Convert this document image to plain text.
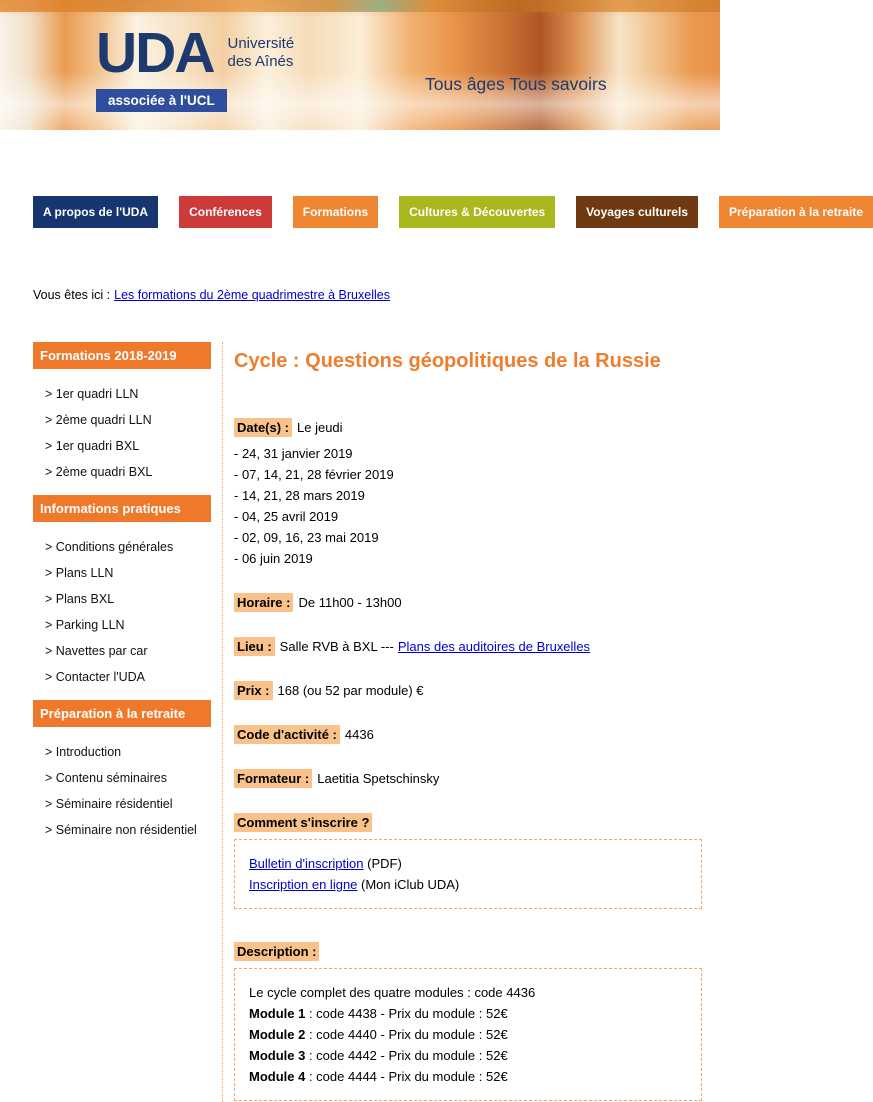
UDA Université
des Aînés
associée à l'UCL
Tous âges Tous savoirs
A propos de l'UDA	Conférences	Formations	Cultures & Découvertes	Voyages culturels	Préparation à la retraite
Vous êtes ici : Les formations du 2ème quadrimestre à Bruxelles
Formations 2018-2019
> 1er quadri LLN
> 2ème quadri LLN
> 1er quadri BXL
> 2ème quadri BXL
Informations pratiques
> Conditions générales
> Plans LLN
> Plans BXL
> Parking LLN
> Navettes par car
> Contacter l'UDA
Préparation à la retraite
> Introduction
> Contenu séminaires
> Séminaire résidentiel
> Séminaire non résidentiel
Cycle : Questions géopolitiques de la Russie
Date(s) : Le jeudi
- 24, 31 janvier 2019
- 07, 14, 21, 28 février 2019
- 14, 21, 28 mars 2019
- 04, 25 avril 2019
- 02, 09, 16, 23 mai 2019
- 06 juin 2019
Horaire : De 11h00 - 13h00
Lieu : Salle RVB à BXL --- Plans des auditoires de Bruxelles
Prix : 168 (ou 52 par module) €
Code d'activité : 4436
Formateur : Laetitia Spetschinsky
Comment s'inscrire ?
Bulletin d'inscription (PDF)
Inscription en ligne (Mon iClub UDA)
Description :
Le cycle complet des quatre modules : code 4436
Module 1 : code 4438 - Prix du module : 52€
Module 2 : code 4440 - Prix du module : 52€
Module 3 : code 4442 - Prix du module : 52€
Module 4 : code 4444 - Prix du module : 52€
